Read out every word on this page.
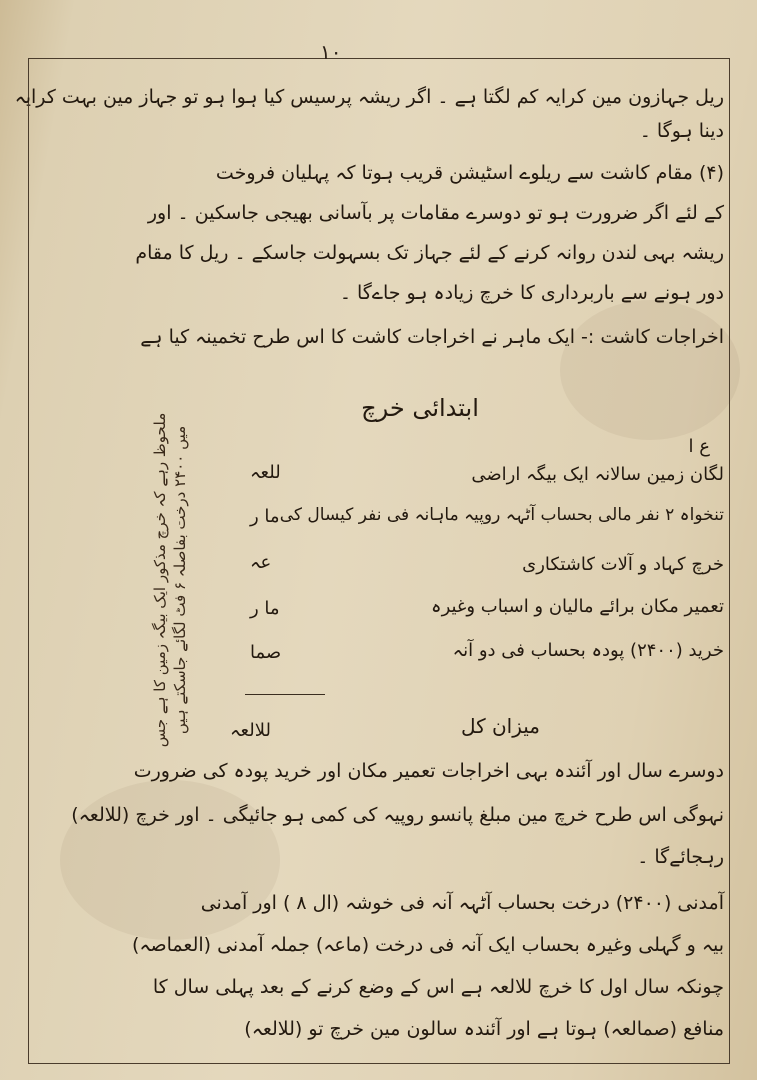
۱۰
ریل جہازون مین کرایہ کم لگتا ہے ۔ اگر ریشہ پرسیس کیا ہوا ہو تو جہاز مین بہت کرایہ
دینا ہوگا ۔
(۴) مقام کاشت سے ریلوے اسٹیشن قریب ہوتا کہ پہلیان فروخت
کے لئے اگر ضرورت ہو تو دوسرے مقامات پر بآسانی بھیجی جاسکین ۔ اور
ریشہ بہی لندن روانہ کرنے کے لئے جہاز تک بسہولت جاسکے ۔ ریل کا مقام
دور ہونے سے باربرداری کا خرچ زیادہ ہو جاےگا ۔
اخراجات کاشت :- ایک ماہر نے اخراجات کاشت کا اس طرح تخمینہ کیا ہے
ابتدائی خرچ
ع ا
لگان زمین سالانہ ایک بیگہ اراضی
للعہ
تنخواہ ۲ نفر مالی بحساب آٹہہ روپیہ ماہانہ فی نفر کیسال کی
ما ر
خرچ کہاد و آلات کاشتکاری
عہ
تعمیر مکان برائے مالیان و اسباب وغیرہ
ما ر
خرید (۲۴۰۰) پودہ بحساب فی دو آنہ
صما
میزان کل
للالعہ
ملحوظ رہے کہ خرچ مذکور ایک بیگہ زمین کا ہے جس میں ۲۴۰۰ درخت بفاصلہ ۶ فٹ لگائے جاسکتے ہیں
دوسرے سال اور آئندہ بہی اخراجات تعمیر مکان اور خرید پودہ کی ضرورت
نہوگی اس طرح خرچ مین مبلغ پانسو روپیہ کی کمی ہو جائیگی ۔ اور خرچ (للالعہ)
رہجائےگا ۔
آمدنی (۲۴۰۰) درخت بحساب آٹہہ آنہ فی خوشہ (ال ۸ ) اور آمدنی
بیہ و گہلی وغیرہ بحساب ایک آنہ فی درخت (ماعہ) جملہ آمدنی (العماصہ)
چونکہ سال اول کا خرچ للالعہ ہے اس کے وضع کرنے کے بعد پہلی سال کا
منافع (صمالعہ) ہوتا ہے اور آئندہ سالون مین خرچ تو (للالعہ)
